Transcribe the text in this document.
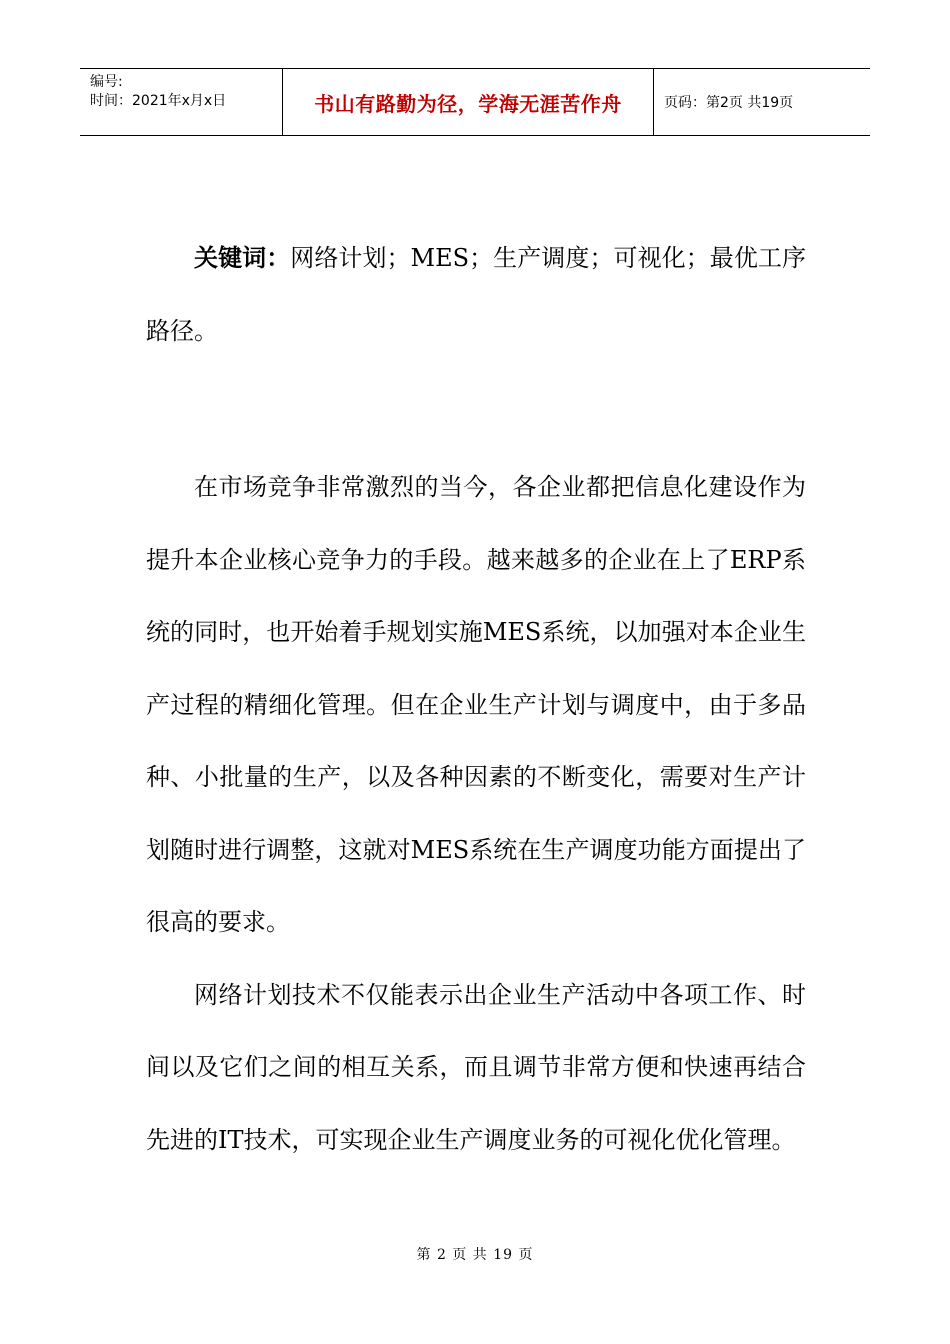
编号:
时间：2021年x月x日	书山有路勤为径，学海无涯苦作舟	页码：第2页 共19页

关键词：网络计划；MES；生产调度；可视化；最优工序路径。

在市场竞争非常激烈的当今，各企业都把信息化建设作为提升本企业核心竞争力的手段。越来越多的企业在上了ERP系统的同时，也开始着手规划实施MES系统，以加强对本企业生产过程的精细化管理。但在企业生产计划与调度中，由于多品种、小批量的生产，以及各种因素的不断变化，需要对生产计划随时进行调整，这就对MES系统在生产调度功能方面提出了很高的要求。

网络计划技术不仅能表示出企业生产活动中各项工作、时间以及它们之间的相互关系，而且调节非常方便和快速再结合先进的IT技术，可实现企业生产调度业务的可视化优化管理。

第 2 页 共 19 页
